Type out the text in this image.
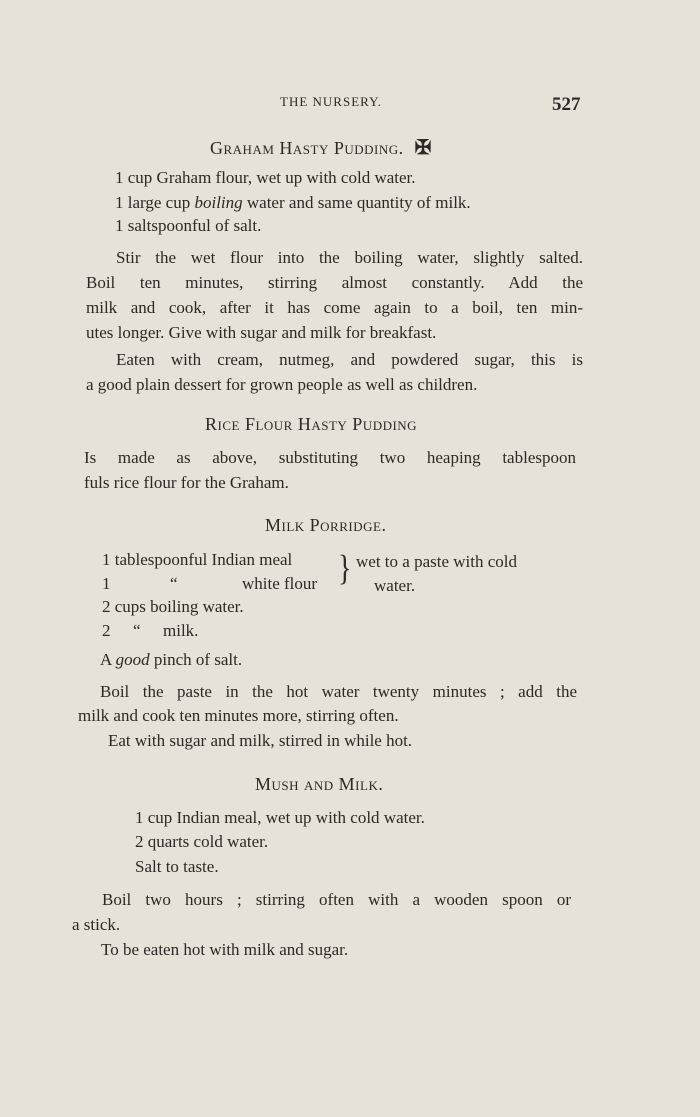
THE NURSERY.	527
Graham Hasty Pudding. ✠
1 cup Graham flour, wet up with cold water.
1 large cup boiling water and same quantity of milk.
1 saltspoonful of salt.
Stir the wet flour into the boiling water, slightly salted.
Boil ten minutes, stirring almost constantly. Add the
milk and cook, after it has come again to a boil, ten min-
utes longer. Give with sugar and milk for breakfast.
Eaten with cream, nutmeg, and powdered sugar, this is
a good plain dessert for grown people as well as children.
Rice Flour Hasty Pudding
Is made as above, substituting two heaping tablespoon
fuls rice flour for the Graham.
Milk Porridge.
1 tablespoonful Indian meal
1	“	white flour } wet to a paste with cold
water.
2 cups boiling water.
2 “ milk.
A good pinch of salt.
Boil the paste in the hot water twenty minutes ; add the
milk and cook ten minutes more, stirring often.
Eat with sugar and milk, stirred in while hot.
Mush and Milk.
1 cup Indian meal, wet up with cold water.
2 quarts cold water.
Salt to taste.
Boil two hours ; stirring often with a wooden spoon or
a stick.
To be eaten hot with milk and sugar.
